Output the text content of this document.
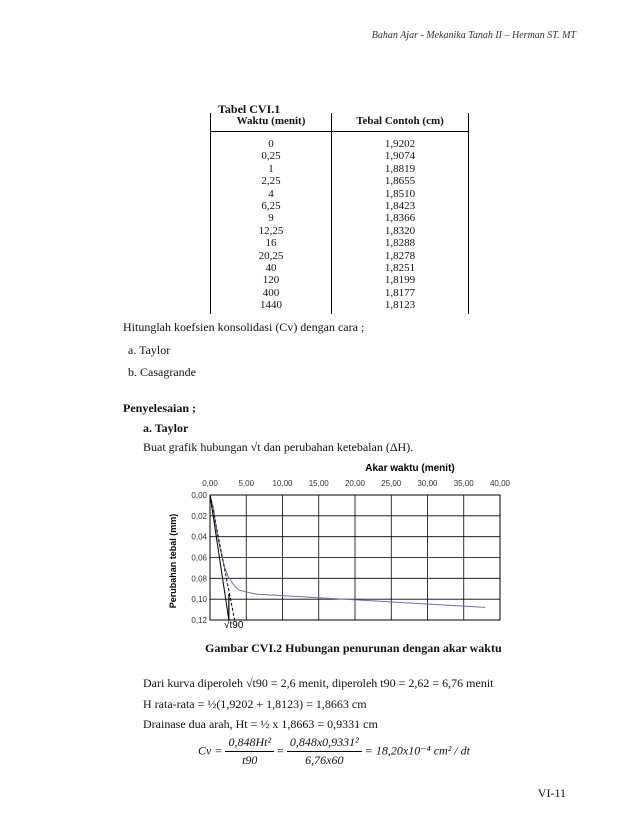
Bahan Ajar - Mekanika Tanah II – Herman ST. MT
Tabel CVI.1
Waktu (menit)	Tebal Contoh (cm)
0	1,9202
0,25	1,9074
1	1,8819
2,25	1,8655
4	1,8510
6,25	1,8423
9	1,8366
12,25	1,8320
16	1,8288
20,25	1,8278
40	1,8251
120	1,8199
400	1,8177
1440	1,8123
Hitunglah koefsien konsolidasi (Cv) dengan cara ;
a. Taylor
b. Casagrande
Penyelesaian ;
a. Taylor
Buat grafik hubungan √t dan perubahan ketebalan (ΔH).
Akar waktu (menit)
0,00	5,00 10,00 15,00 20,00 25,00 30,00 35,00 40,00
0,00
0,02
0,04
0,06
0,08
0,10
0,12
Perubahan tebal (mm)
√t90
Gambar CVI.2 Hubungan penurunan dengan akar waktu
Dari kurva diperoleh √t90 = 2,6 menit, diperoleh t90 = 2,62 = 6,76 menit
H rata-rata = ½(1,9202 + 1,8123) = 1,8663 cm
Drainase dua arah, Ht = ½ x 1,8663 = 0,9331 cm
$Cv = \frac{\text{0,848Ht²}}{t90} = \frac{\text{0,848x0,9331²}}{6,76x60} = 18,20x10^{-4}$ cm² / dt
VI-11
